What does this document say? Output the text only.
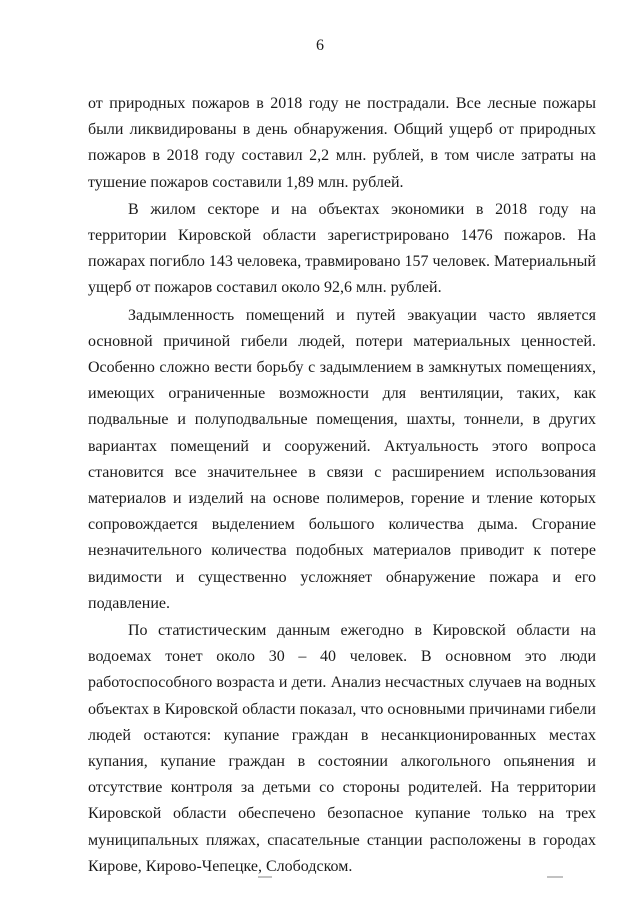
6

от природных пожаров в 2018 году не пострадали. Все лесные пожары были ликвидированы в день обнаружения. Общий ущерб от природных пожаров в 2018 году составил 2,2 млн. рублей, в том числе затраты на тушение пожаров составили 1,89 млн. рублей.

В жилом секторе и на объектах экономики в 2018 году на территории Кировской области зарегистрировано 1476 пожаров. На пожарах погибло 143 человека, травмировано 157 человек. Материальный ущерб от пожаров составил около 92,6 млн. рублей.

Задымленность помещений и путей эвакуации часто является основной причиной гибели людей, потери материальных ценностей. Особенно сложно вести борьбу с задымлением в замкнутых помещениях, имеющих ограниченные возможности для вентиляции, таких, как подвальные и полуподвальные помещения, шахты, тоннели, в других вариантах помещений и сооружений. Актуальность этого вопроса становится все значительнее в связи с расширением использования материалов и изделий на основе полимеров, горение и тление которых сопровождается выделением большого количества дыма. Сгорание незначительного количества подобных материалов приводит к потере видимости и существенно усложняет обнаружение пожара и его подавление.

По статистическим данным ежегодно в Кировской области на водоемах тонет около 30 – 40 человек. В основном это люди работоспособного возраста и дети. Анализ несчастных случаев на водных объектах в Кировской области показал, что основными причинами гибели людей остаются: купание граждан в несанкционированных местах купания, купание граждан в состоянии алкогольного опьянения и отсутствие контроля за детьми со стороны родителей. На территории Кировской области обеспечено безопасное купание только на трех муниципальных пляжах, спасательные станции расположены в городах Кирове, Кирово-Чепецке, Слободском.
